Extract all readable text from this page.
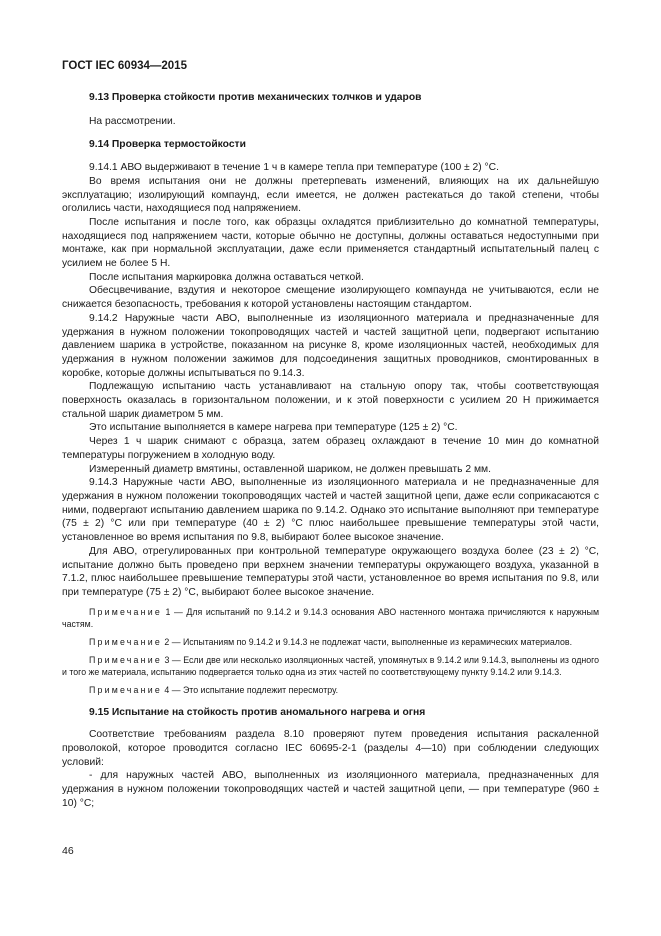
ГОСТ IEC 60934—2015

9.13 Проверка стойкости против механических толчков и ударов

На рассмотрении.

9.14 Проверка термостойкости

9.14.1 АВО выдерживают в течение 1 ч в камере тепла при температуре (100 ± 2) °С.

Во время испытания они не должны претерпевать изменений, влияющих на их дальнейшую эксплуатацию; изолирующий компаунд, если имеется, не должен растекаться до такой степени, чтобы оголились части, находящиеся под напряжением.

После испытания и после того, как образцы охладятся приблизительно до комнатной температуры, находящиеся под напряжением части, которые обычно не доступны, должны оставаться недоступными при монтаже, как при нормальной эксплуатации, даже если применяется стандартный испытательный палец с усилием не более 5 Н.

После испытания маркировка должна оставаться четкой.

Обесцвечивание, вздутия и некоторое смещение изолирующего компаунда не учитываются, если не снижается безопасность, требования к которой установлены настоящим стандартом.

9.14.2 Наружные части АВО, выполненные из изоляционного материала и предназначенные для удержания в нужном положении токопроводящих частей и частей защитной цепи, подвергают испытанию давлением шарика в устройстве, показанном на рисунке 8, кроме изоляционных частей, необходимых для удержания в нужном положении зажимов для подсоединения защитных проводников, смонтированных в коробке, которые должны испытываться по 9.14.3.

Подлежащую испытанию часть устанавливают на стальную опору так, чтобы соответствующая поверхность оказалась в горизонтальном положении, и к этой поверхности с усилием 20 Н прижимается стальной шарик диаметром 5 мм.

Это испытание выполняется в камере нагрева при температуре (125 ± 2) °С.

Через 1 ч шарик снимают с образца, затем образец охлаждают в течение 10 мин до комнатной температуры погружением в холодную воду.

Измеренный диаметр вмятины, оставленной шариком, не должен превышать 2 мм.

9.14.3 Наружные части АВО, выполненные из изоляционного материала и не предназначенные для удержания в нужном положении токопроводящих частей и частей защитной цепи, даже если соприкасаются с ними, подвергают испытанию давлением шарика по 9.14.2. Однако это испытание выполняют при температуре (75 ± 2) °С или при температуре (40 ± 2) °С плюс наибольшее превышение температуры этой части, установленное во время испытания по 9.8, выбирают более высокое значение.

Для АВО, отрегулированных при контрольной температуре окружающего воздуха более (23 ± 2) °С, испытание должно быть проведено при верхнем значении температуры окружающего воздуха, указанной в 7.1.2, плюс наибольшее превышение температуры этой части, установленное во время испытания по 9.8, или при температуре (75 ± 2) °С, выбирают более высокое значение.

Примечание 1 — Для испытаний по 9.14.2 и 9.14.3 основания АВО настенного монтажа причисляются к наружным частям.

Примечание 2 — Испытаниям по 9.14.2 и 9.14.3 не подлежат части, выполненные из керамических материалов.

Примечание 3 — Если две или несколько изоляционных частей, упомянутых в 9.14.2 или 9.14.3, выполнены из одного и того же материала, испытанию подвергается только одна из этих частей по соответствующему пункту 9.14.2 или 9.14.3.

Примечание 4 — Это испытание подлежит пересмотру.

9.15 Испытание на стойкость против аномального нагрева и огня

Соответствие требованиям раздела 8.10 проверяют путем проведения испытания раскаленной проволокой, которое проводится согласно IEC 60695-2-1 (разделы 4—10) при соблюдении следующих условий:

- для наружных частей АВО, выполненных из изоляционного материала, предназначенных для удержания в нужном положении токопроводящих частей и частей защитной цепи, — при температуре (960 ± 10) °С;

46
